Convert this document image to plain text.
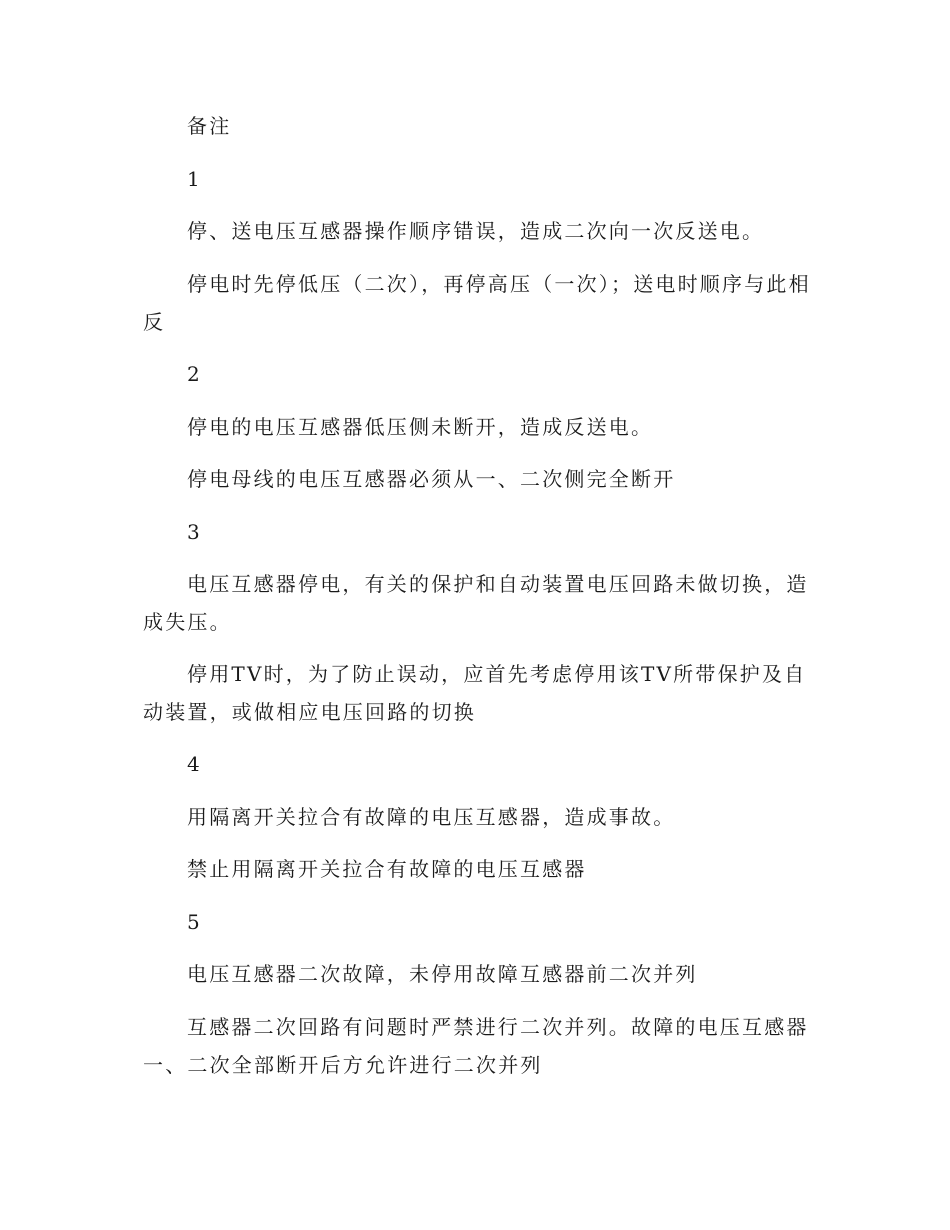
备注

1

停、送电压互感器操作顺序错误，造成二次向一次反送电。

停电时先停低压（二次），再停高压（一次）；送电时顺序与此相反

2

停电的电压互感器低压侧未断开，造成反送电。

停电母线的电压互感器必须从一、二次侧完全断开

3

电压互感器停电，有关的保护和自动装置电压回路未做切换，造成失压。

停用TV时，为了防止误动，应首先考虑停用该TV所带保护及自动装置，或做相应电压回路的切换

4

用隔离开关拉合有故障的电压互感器，造成事故。

禁止用隔离开关拉合有故障的电压互感器

5

电压互感器二次故障，未停用故障互感器前二次并列

互感器二次回路有问题时严禁进行二次并列。故障的电压互感器一、二次全部断开后方允许进行二次并列
